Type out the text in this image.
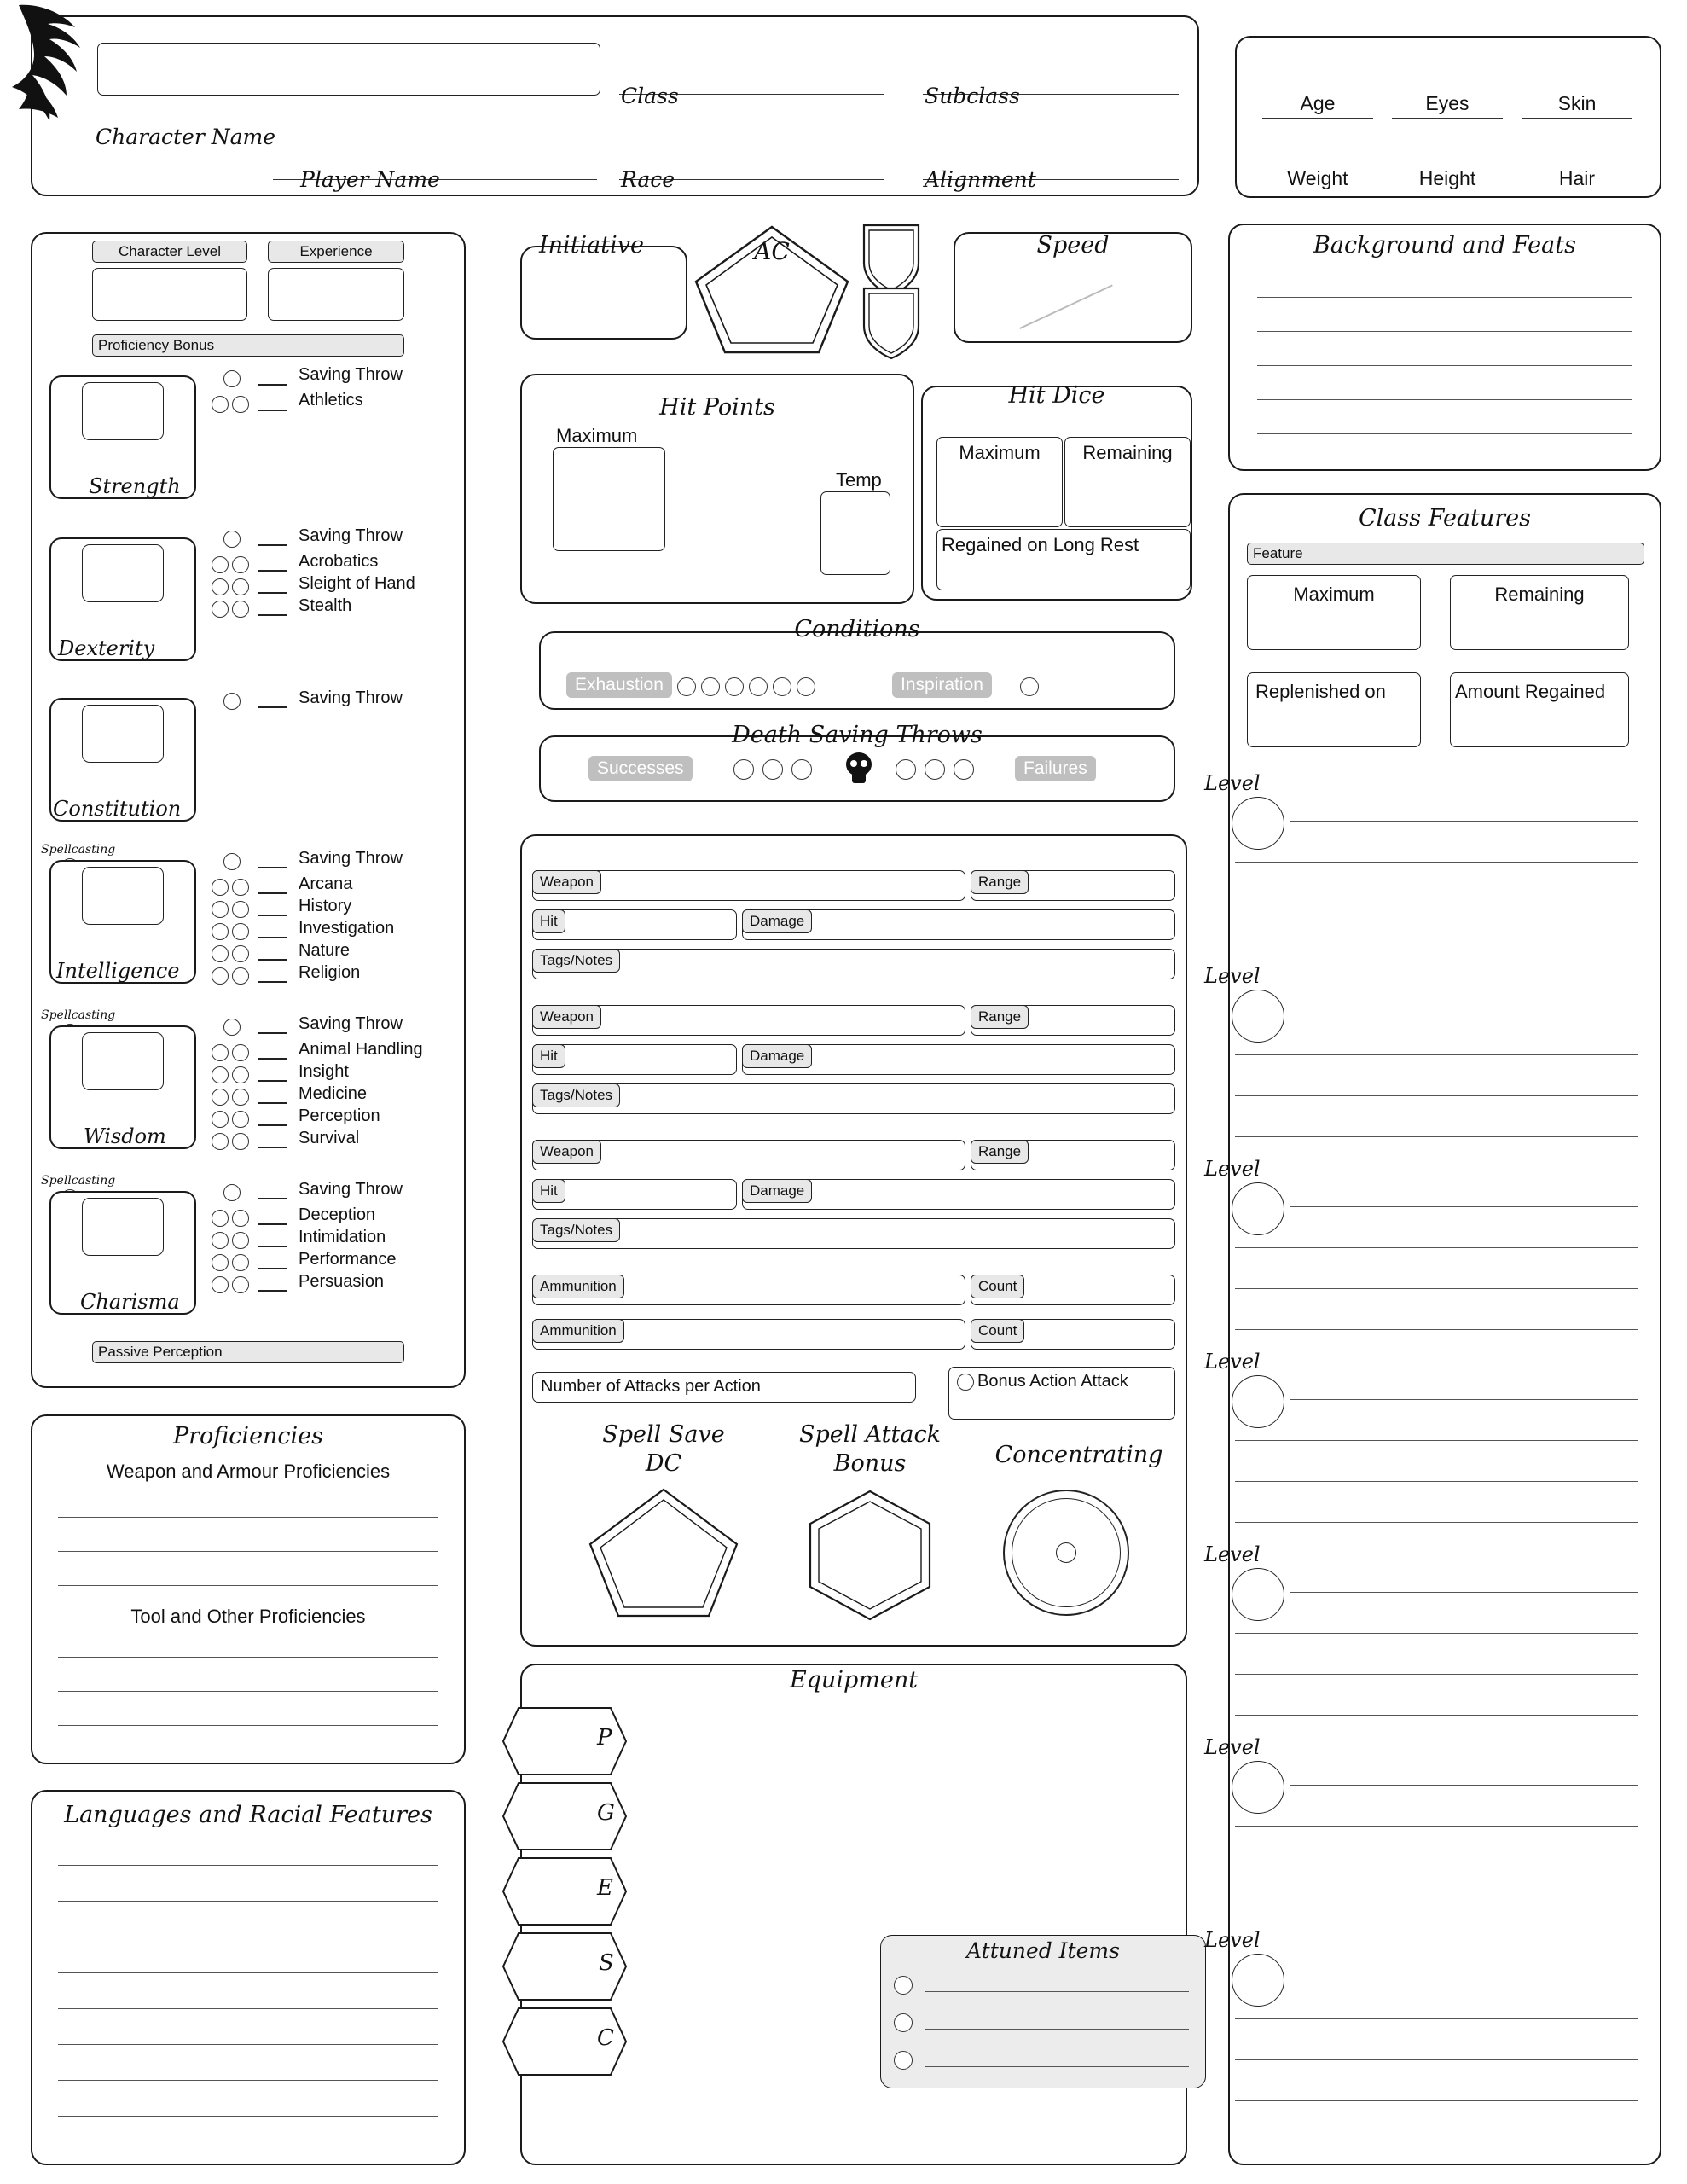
Character Name
Player Name
Class
Race
Subclass
Alignment
Age	Eyes	Skin
Weight	Height	Hair
Character Level	Experience
Proficiency Bonus
Strength
Saving Throw
Athletics
Dexterity
Saving Throw
Acrobatics
Sleight of Hand
Stealth
Constitution
Saving Throw
Spellcasting
Intelligence
Saving Throw
Arcana
History
Investigation
Nature
Religion
Spellcasting
Wisdom
Saving Throw
Animal Handling
Insight
Medicine
Perception
Survival
Spellcasting
Charisma
Saving Throw
Deception
Intimidation
Performance
Persuasion
Passive Perception
Proficiencies
Weapon and Armour Proficiencies
Tool and Other Proficiencies
Languages and Racial Features
Initiative	AC	Speed
Hit Points
Maximum
Temp
Hit Dice
Maximum	Remaining
Regained on Long Rest
Conditions
Exhaustion	Inspiration
Death Saving Throws
Successes	Failures
Weapon	Range
Hit	Damage
Tags/Notes
Weapon	Range
Hit	Damage
Tags/Notes
Weapon	Range
Hit	Damage
Tags/Notes
Ammunition	Count
Ammunition	Count
Number of Attacks per Action	Bonus Action Attack
Spell Save
DC
Spell Attack
Bonus	Concentrating
Equipment
P
G
E
S
C
Attuned Items
Background and Feats
Class Features
Feature
Maximum	Remaining
Replenished on	Amount Regained
Level
Level
Level
Level
Level
Level
Level
